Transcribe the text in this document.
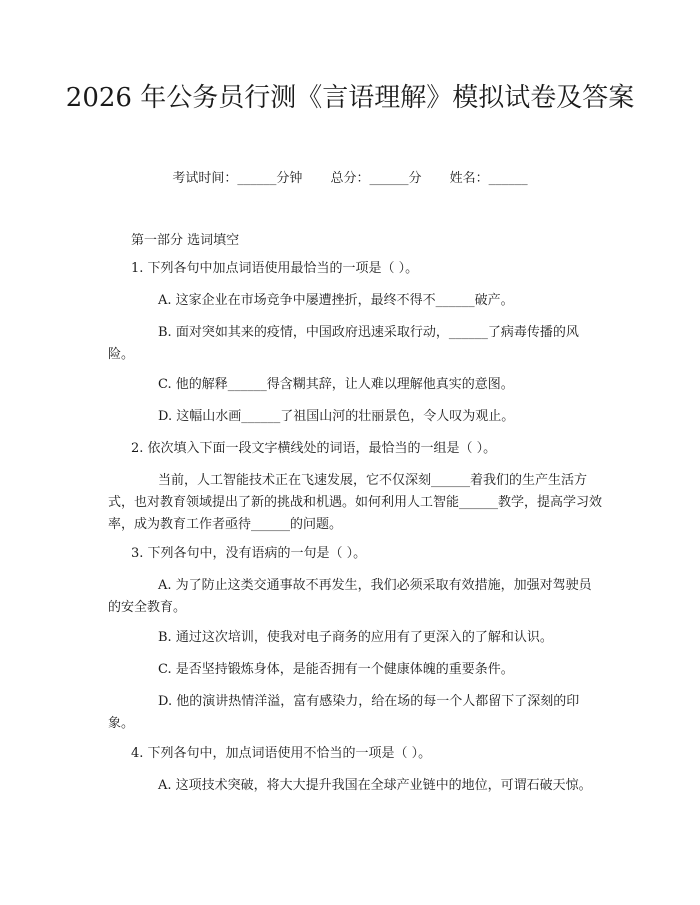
2026 年公务员行测《言语理解》模拟试卷及答案
考试时间：______分钟 总分：______分 姓名：______
第一部分 选词填空

1. 下列各句中加点词语使用最恰当的一项是（ ）。

A. 这家企业在市场竞争中屡遭挫折，最终不得不______破产。

B. 面对突如其来的疫情，中国政府迅速采取行动，______了病毒传播的风险。

C. 他的解释______得含糊其辞，让人难以理解他真实的意图。

D. 这幅山水画______了祖国山河的壮丽景色，令人叹为观止。

2. 依次填入下面一段文字横线处的词语，最恰当的一组是（ ）。

当前，人工智能技术正在飞速发展，它不仅深刻______着我们的生产生活方式，也对教育领域提出了新的挑战和机遇。如何利用人工智能______教学，提高学习效率，成为教育工作者亟待______的问题。

3. 下列各句中，没有语病的一句是（ ）。

A. 为了防止这类交通事故不再发生，我们必须采取有效措施，加强对驾驶员的安全教育。

B. 通过这次培训，使我对电子商务的应用有了更深入的了解和认识。

C. 是否坚持锻炼身体，是能否拥有一个健康体魄的重要条件。

D. 他的演讲热情洋溢，富有感染力，给在场的每一个人都留下了深刻的印象。

4. 下列各句中，加点词语使用不恰当的一项是（ ）。

A. 这项技术突破，将大大提升我国在全球产业链中的地位，可谓石破天惊。
